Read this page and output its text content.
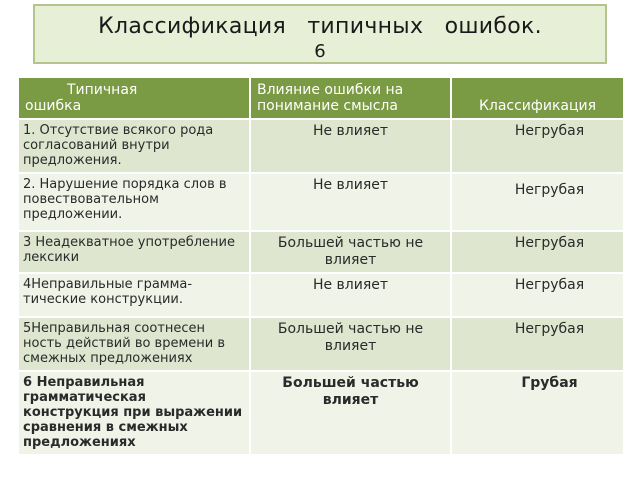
Классификация типичных ошибок.
6
Типичная
ошибка	Влияние ошибки на понимание смысла	Классификация
1. Отсутствие всякого рода согласований внутри предложения.	Не влияет	Негрубая
2. Нарушение порядка слов в повествовательном предложении.	Не влияет	Негрубая
3 Неадекватное употребление лексики	Большей частью не влияет	Негрубая
4Неправильные грамма-тические конструкции.	Не влияет	Негрубая
5Неправильная соотнесен ность действий во времени в смежных предложениях	Большей частью не влияет	Негрубая
6 Неправильная грамматическая конструкция при выражении сравнения в смежных предложениях	Большей частью влияет	Грубая
